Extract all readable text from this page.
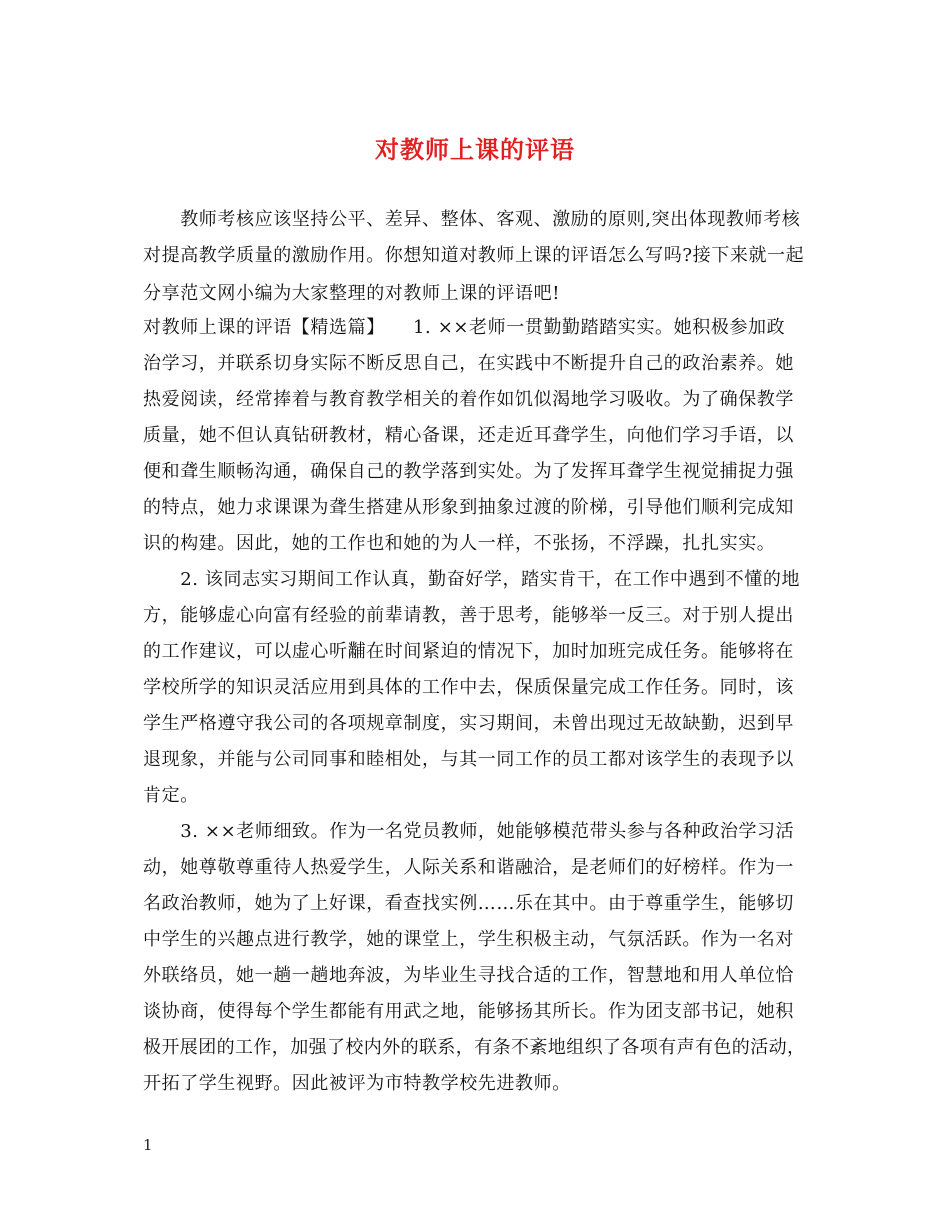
对教师上课的评语
　　教师考核应该坚持公平、差异、整体、客观、激励的原则,突出体现教师考核
对提高教学质量的激励作用。你想知道对教师上课的评语怎么写吗?接下来就一起
分享范文网小编为大家整理的对教师上课的评语吧!
对教师上课的评语【精选篇】　　1. ××老师一贯勤勤踏踏实实。她积极参加政
治学习，并联系切身实际不断反思自己，在实践中不断提升自己的政治素养。她
热爱阅读，经常捧着与教育教学相关的着作如饥似渴地学习吸收。为了确保教学
质量，她不但认真钻研教材，精心备课，还走近耳聋学生，向他们学习手语，以
便和聋生顺畅沟通，确保自己的教学落到实处。为了发挥耳聋学生视觉捕捉力强
的特点，她力求课课为聋生搭建从形象到抽象过渡的阶梯，引导他们顺利完成知
识的构建。因此，她的工作也和她的为人一样，不张扬，不浮躁，扎扎实实。
　　2. 该同志实习期间工作认真，勤奋好学，踏实肯干，在工作中遇到不懂的地
方，能够虚心向富有经验的前辈请教，善于思考，能够举一反三。对于别人提出
的工作建议，可以虚心听黼在时间紧迫的情况下，加时加班完成任务。能够将在
学校所学的知识灵活应用到具体的工作中去，保质保量完成工作任务。同时，该
学生严格遵守我公司的各项规章制度，实习期间，未曾出现过无故缺勤，迟到早
退现象，并能与公司同事和睦相处，与其一同工作的员工都对该学生的表现予以
肯定。
　　3. ××老师细致。作为一名党员教师，她能够模范带头参与各种政治学习活
动，她尊敬尊重待人热爱学生，人际关系和谐融洽，是老师们的好榜样。作为一
名政治教师，她为了上好课，看查找实例……乐在其中。由于尊重学生，能够切
中学生的兴趣点进行教学，她的课堂上，学生积极主动，气氛活跃。作为一名对
外联络员，她一趟一趟地奔波，为毕业生寻找合适的工作，智慧地和用人单位恰
谈协商，使得每个学生都能有用武之地，能够扬其所长。作为团支部书记，她积
极开展团的工作，加强了校内外的联系，有条不紊地组织了各项有声有色的活动，
开拓了学生视野。因此被评为市特教学校先进教师。
1
